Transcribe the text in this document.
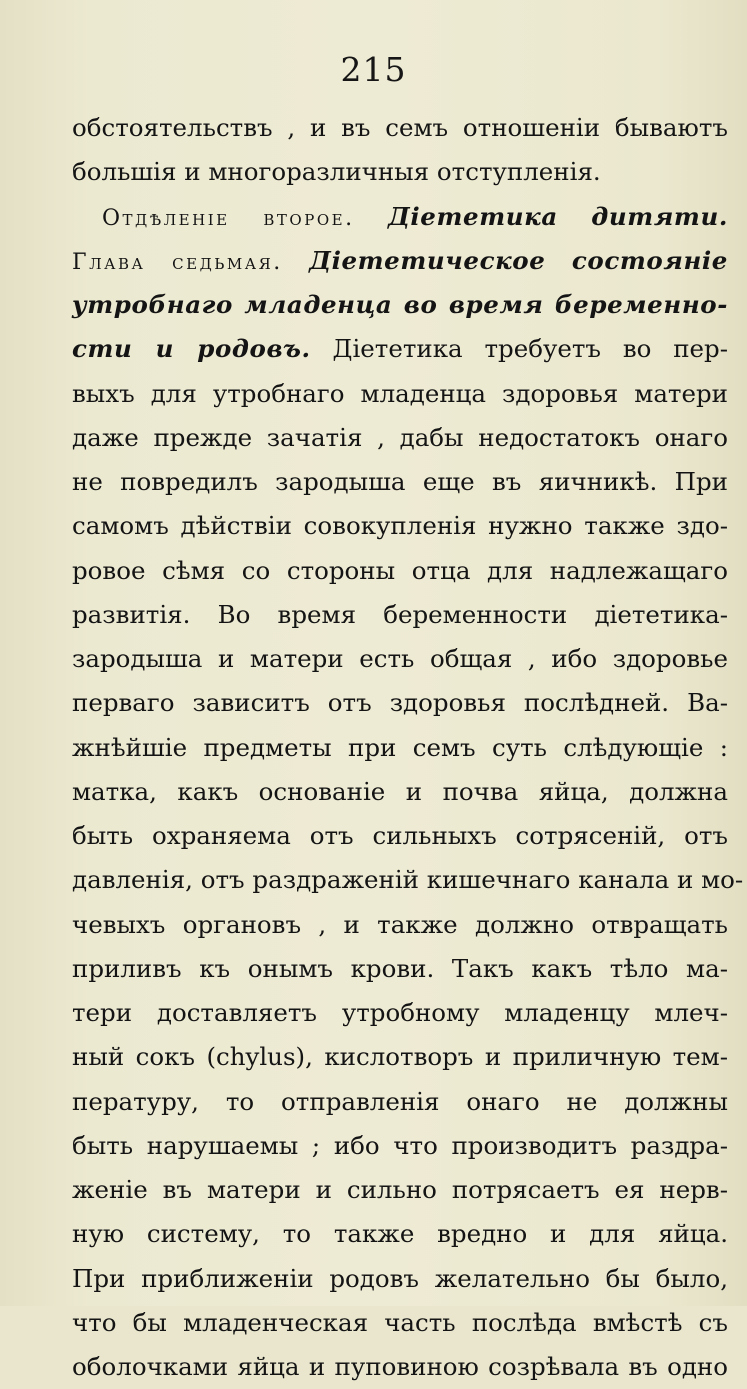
215
обстоятельствъ , и въ семъ отношеніи бываютъ
большія и многоразличныя отступленія.
Отдѣленіе второе. Діететика дитяти.
Глава седьмая. Діететическое состояніе
утробнаго младенца во время беременно-
сти и родовъ. Діететика требуетъ во пер-
выхъ для утробнаго младенца здоровья матери
даже прежде зачатія , дабы недостатокъ онаго
не повредилъ зародыша еще въ яичникѣ. При
самомъ дѣйствіи совокупленія нужно также здо-
ровое сѣмя со стороны отца для надлежащаго
развитія. Во время беременности діететика-
зародыша и матери есть общая , ибо здоровье
перваго зависитъ отъ здоровья послѣдней. Ва-
жнѣйшіе предметы при семъ суть слѣдующіе :
матка, какъ основаніе и почва яйца, должна
быть охраняема отъ сильныхъ сотрясеній, отъ
давленія, отъ раздраженій кишечнаго канала и мо-
чевыхъ органовъ , и также должно отвращать
приливъ къ онымъ крови. Такъ какъ тѣло ма-
тери доставляетъ утробному младенцу млеч-
ный сокъ (chylus), кислотворъ и приличную тем-
пературу, то отправленія онаго не должны
быть нарушаемы ; ибо что производитъ раздра-
женіе въ матери и сильно потрясаетъ ея нерв-
ную систему, то также вредно и для яйца.
При приближеніи родовъ желательно бы было,
что бы младенческая часть послѣда вмѣстѣ съ
оболочками яйца и пуповиною созрѣвала въ одно
